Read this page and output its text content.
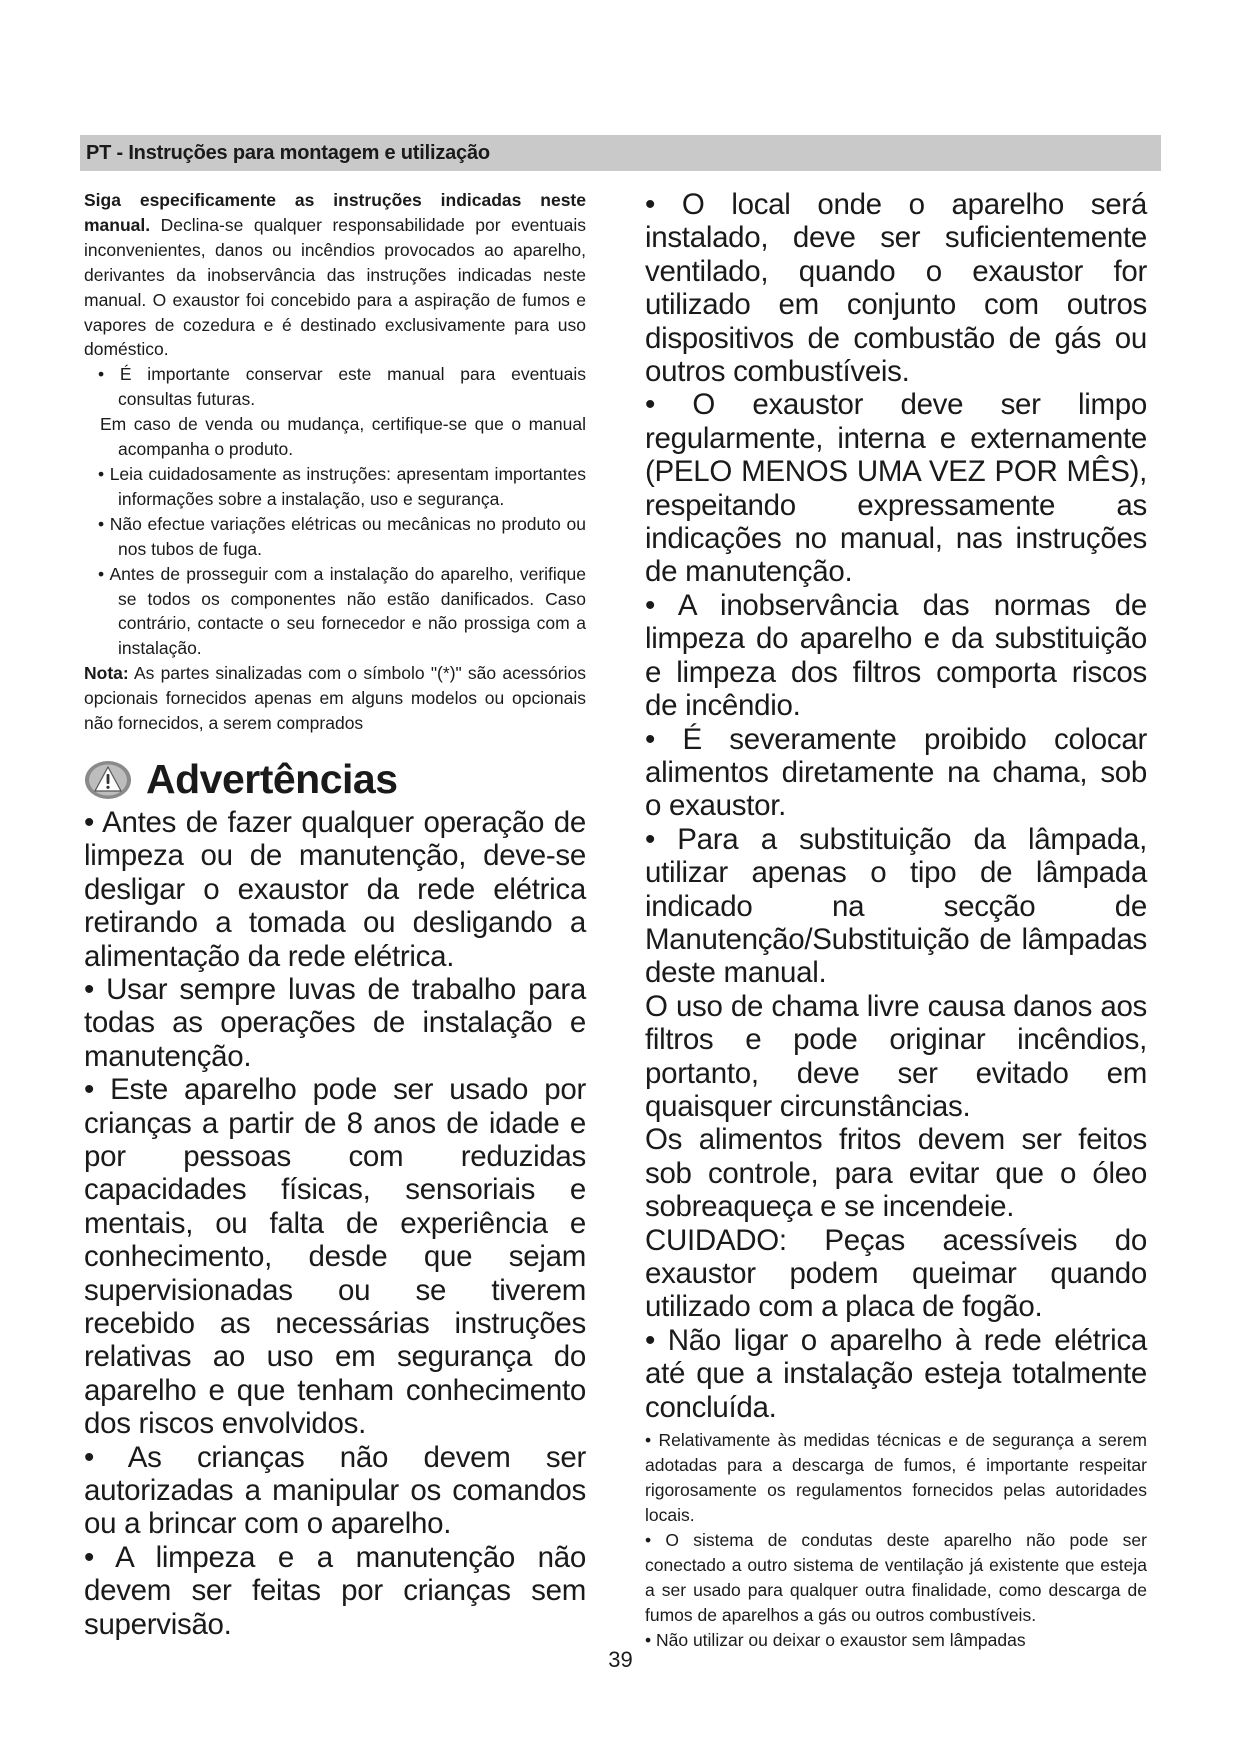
PT - Instruções para montagem e utilização

Siga especificamente as instruções indicadas neste manual. Declina-se qualquer responsabilidade por eventuais inconvenientes, danos ou incêndios provocados ao aparelho, derivantes da inobservância das instruções indicadas neste manual. O exaustor foi concebido para a aspiração de fumos e vapores de cozedura e é destinado exclusivamente para uso doméstico.

• É importante conservar este manual para eventuais consultas futuras.

Em caso de venda ou mudança, certifique-se que o manual acompanha o produto.

• Leia cuidadosamente as instruções: apresentam importantes informações sobre a instalação, uso e segurança.

• Não efectue variações elétricas ou mecânicas no produto ou nos tubos de fuga.

• Antes de prosseguir com a instalação do aparelho, verifique se todos os componentes não estão danificados. Caso contrário, contacte o seu fornecedor e não prossiga com a instalação.

Nota: As partes sinalizadas com o símbolo "(*)" são acessórios opcionais fornecidos apenas em alguns modelos ou opcionais não fornecidos, a serem comprados

Advertências

• Antes de fazer qualquer operação de limpeza ou de manutenção, deve-se desligar o exaustor da rede elétrica retirando a tomada ou desligando a alimentação da rede elétrica.

• Usar sempre luvas de trabalho para todas as operações de instalação e manutenção.

• Este aparelho pode ser usado por crianças a partir de 8 anos de idade e por pessoas com reduzidas capacidades físicas, sensoriais e mentais, ou falta de experiência e conhecimento, desde que sejam supervisionadas ou se tiverem recebido as necessárias instruções relativas ao uso em segurança do aparelho e que tenham conhecimento dos riscos envolvidos.

• As crianças não devem ser autorizadas a manipular os comandos ou a brincar com o aparelho.

• A limpeza e a manutenção não devem ser feitas por crianças sem supervisão.

• O local onde o aparelho será instalado, deve ser suficientemente ventilado, quando o exaustor for utilizado em conjunto com outros dispositivos de combustão de gás ou outros combustíveis.

• O exaustor deve ser limpo regularmente, interna e externamente (PELO MENOS UMA VEZ POR MÊS), respeitando expressamente as indicações no manual, nas instruções de manutenção.

• A inobservância das normas de limpeza do aparelho e da substituição e limpeza dos filtros comporta riscos de incêndio.

• É severamente proibido colocar alimentos diretamente na chama, sob o exaustor.

• Para a substituição da lâmpada, utilizar apenas o tipo de lâmpada indicado na secção de Manutenção/Substituição de lâmpadas deste manual.

O uso de chama livre causa danos aos filtros e pode originar incêndios, portanto, deve ser evitado em quaisquer circunstâncias.

Os alimentos fritos devem ser feitos sob controle, para evitar que o óleo sobreaqueça e se incendeie.

CUIDADO: Peças acessíveis do exaustor podem queimar quando utilizado com a placa de fogão.

• Não ligar o aparelho à rede elétrica até que a instalação esteja totalmente concluída.

• Relativamente às medidas técnicas e de segurança a serem adotadas para a descarga de fumos, é importante respeitar rigorosamente os regulamentos fornecidos pelas autoridades locais.

• O sistema de condutas deste aparelho não pode ser conectado a outro sistema de ventilação já existente que esteja a ser usado para qualquer outra finalidade, como descarga de fumos de aparelhos a gás ou outros combustíveis.

• Não utilizar ou deixar o exaustor sem lâmpadas

39
